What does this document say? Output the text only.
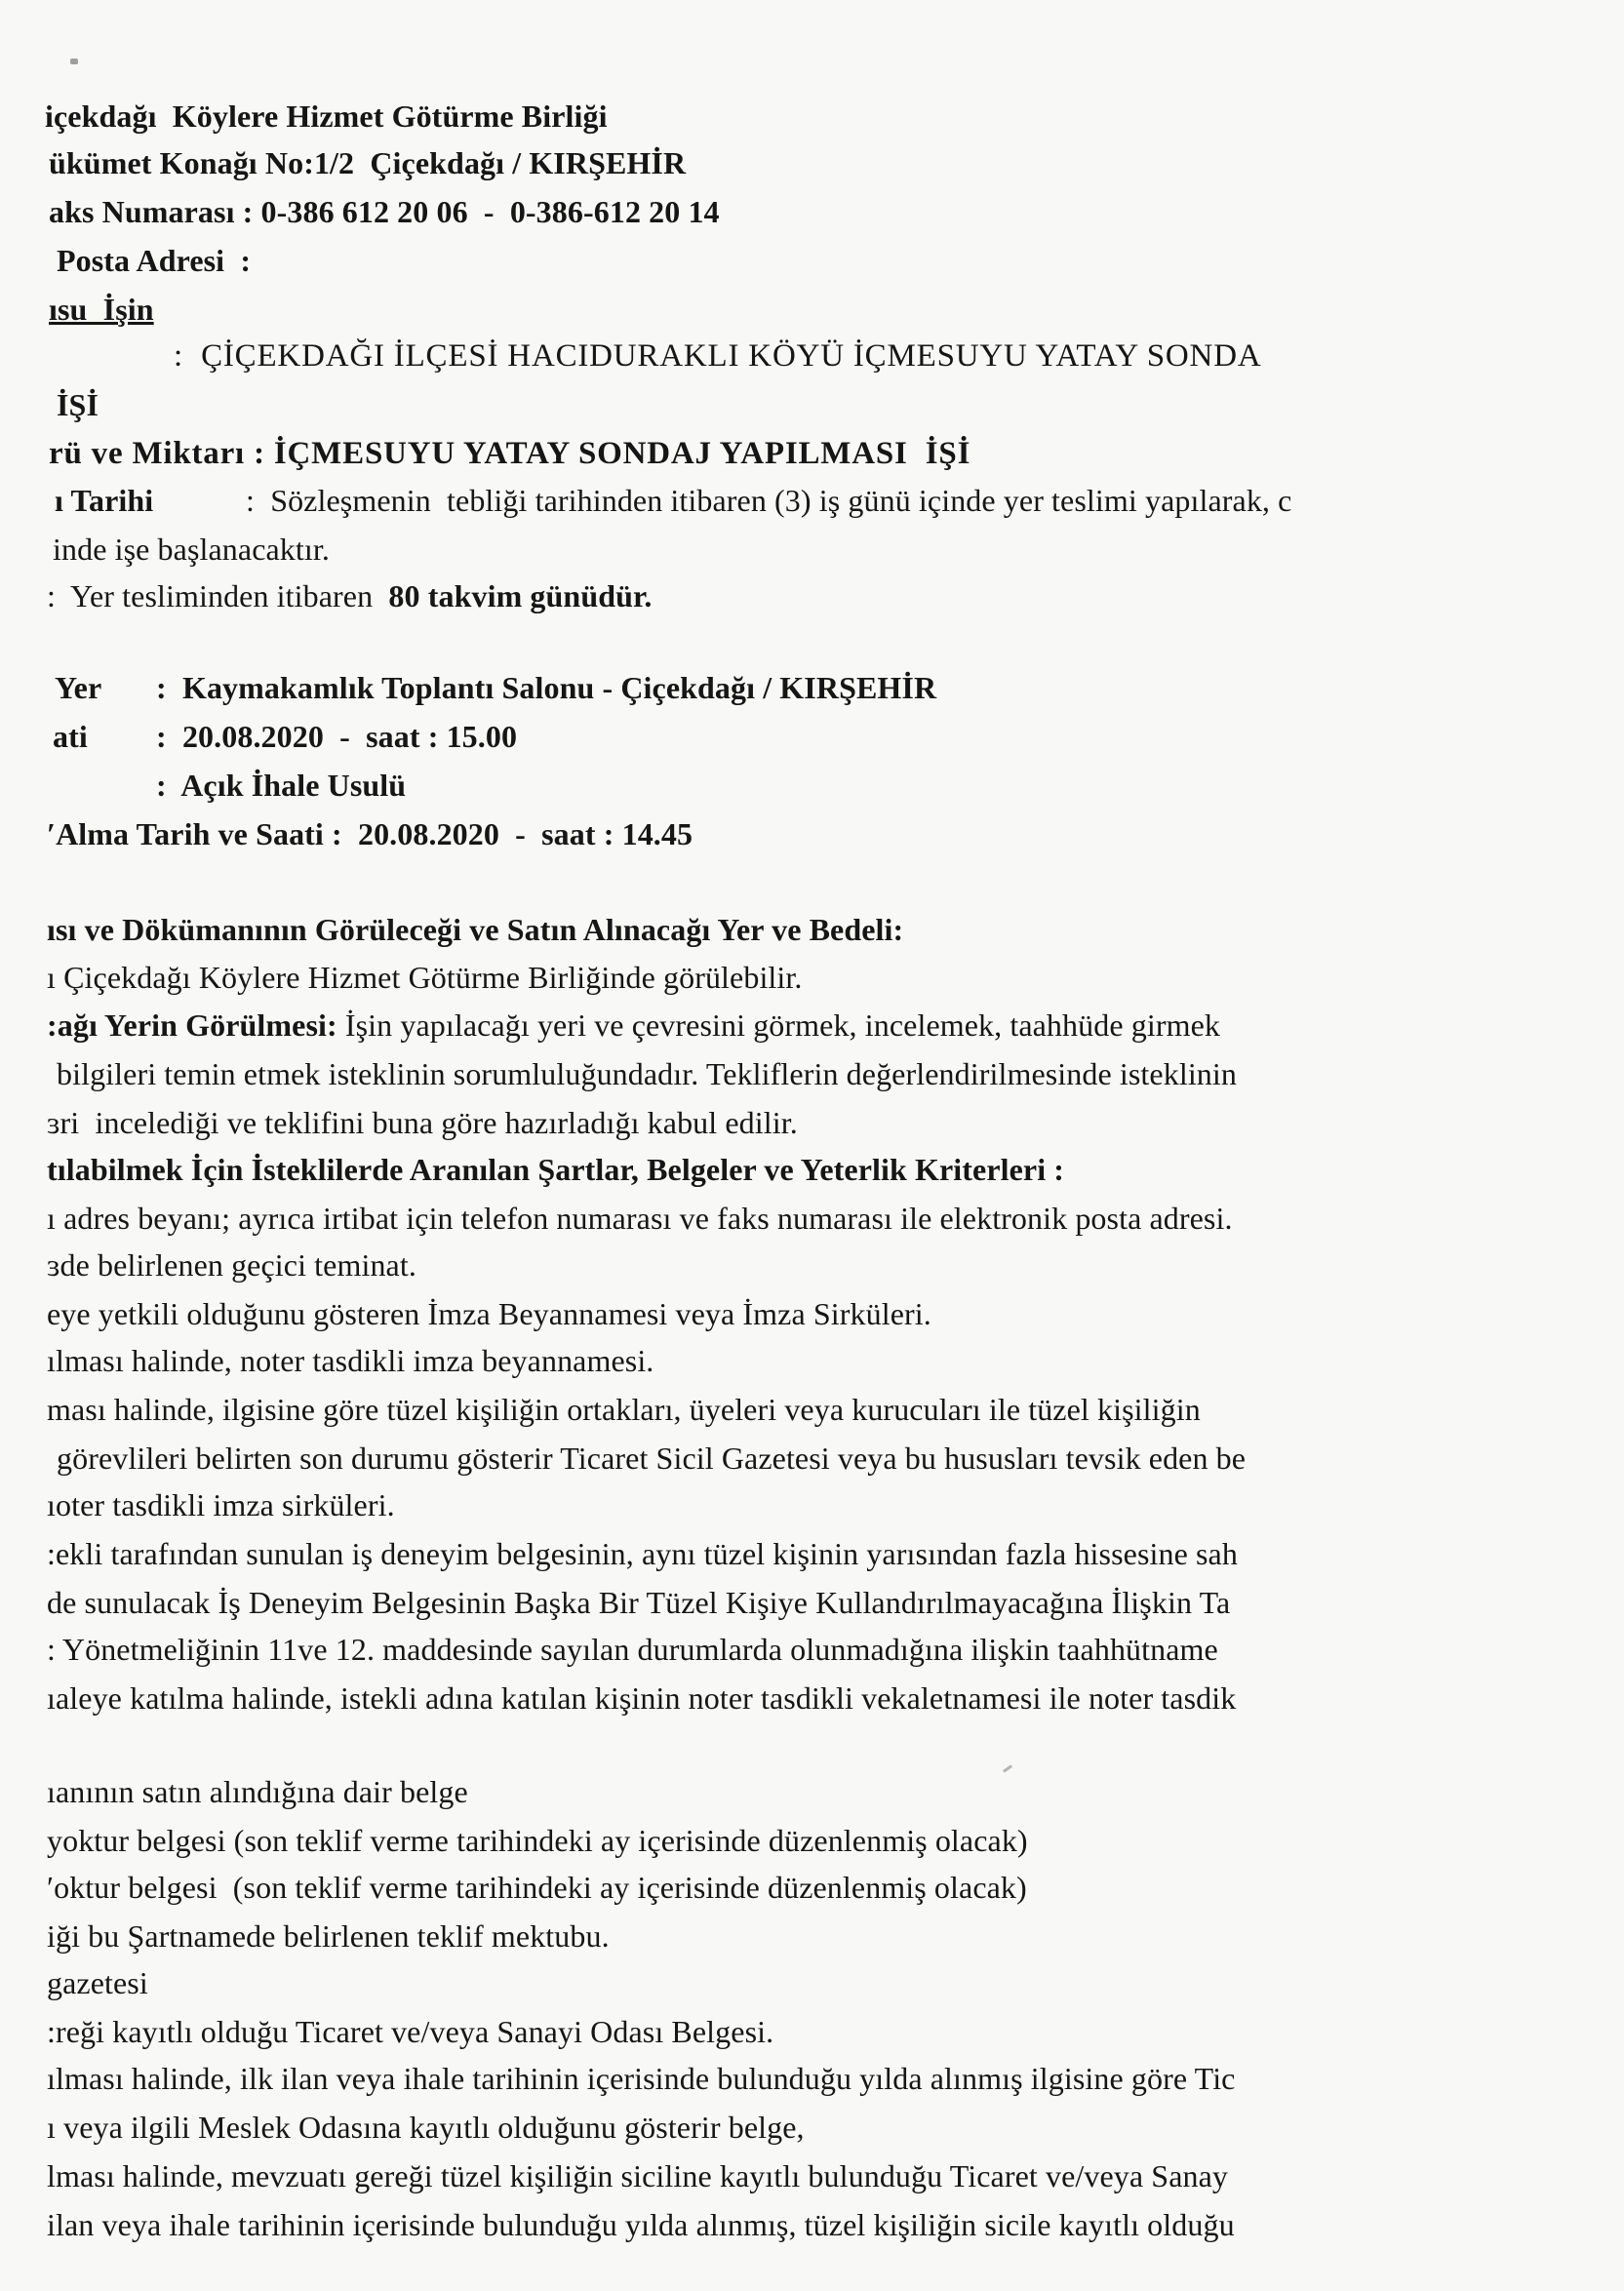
içekdağı  Köylere Hizmet Götürme Birliği
ükümet Konağı No:1/2  Çiçekdağı / KIRŞEHİR
aks Numarası : 0-386 612 20 06  -  0-386-612 20 14
Posta Adresi  :
ısu  İşin
:  ÇİÇEKDAĞI İLÇESİ HACIDURAKLI KÖYÜ İÇMESUYU YATAY SONDA
İŞİ
rü ve Miktarı : İÇMESUYU YATAY SONDAJ YAPILMASI  İŞİ
ı Tarihi	:  Sözleşmenin  tebliği tarihinden itibaren (3) iş günü içinde yer teslimi yapılarak, c
inde işe başlanacaktır.
:  Yer tesliminden itibaren  80 takvim günüdür.
Yer :  Kaymakamlık Toplantı Salonu - Çiçekdağı / KIRŞEHİR
ati :  20.08.2020  -  saat : 15.00
:  Açık İhale Usulü
ʹAlma Tarih ve Saati :  20.08.2020  -  saat : 14.45
ısı ve Dökümanının Görüleceği ve Satın Alınacağı Yer ve Bedeli:
ı Çiçekdağı Köylere Hizmet Götürme Birliğinde görülebilir.
:ağı Yerin Görülmesi: İşin yapılacağı yeri ve çevresini görmek, incelemek, taahhüde girmek
bilgileri temin etmek isteklinin sorumluluğundadır. Tekliflerin değerlendirilmesinde isteklinin
ɜri  incelediği ve teklifini buna göre hazırladığı kabul edilir.
tılabilmek İçin İsteklilerde Aranılan Şartlar, Belgeler ve Yeterlik Kriterleri :
ı adres beyanı; ayrıca irtibat için telefon numarası ve faks numarası ile elektronik posta adresi.
ɜde belirlenen geçici teminat.
eye yetkili olduğunu gösteren İmza Beyannamesi veya İmza Sirküleri.
ılması halinde, noter tasdikli imza beyannamesi.
ması halinde, ilgisine göre tüzel kişiliğin ortakları, üyeleri veya kurucuları ile tüzel kişiliğin
görevlileri belirten son durumu gösterir Ticaret Sicil Gazetesi veya bu hususları tevsik eden be
ıoter tasdikli imza sirküleri.
:ekli tarafından sunulan iş deneyim belgesinin, aynı tüzel kişinin yarısından fazla hissesine sah
de sunulacak İş Deneyim Belgesinin Başka Bir Tüzel Kişiye Kullandırılmayacağına İlişkin Ta
: Yönetmeliğinin 11ve 12. maddesinde sayılan durumlarda olunmadığına ilişkin taahhütname
ıaleye katılma halinde, istekli adına katılan kişinin noter tasdikli vekaletnamesi ile noter tasdik
ıanının satın alındığına dair belge
yoktur belgesi (son teklif verme tarihindeki ay içerisinde düzenlenmiş olacak)
ʹoktur belgesi  (son teklif verme tarihindeki ay içerisinde düzenlenmiş olacak)
iği bu Şartnamede belirlenen teklif mektubu.
gazetesi
:reği kayıtlı olduğu Ticaret ve/veya Sanayi Odası Belgesi.
ılması halinde, ilk ilan veya ihale tarihinin içerisinde bulunduğu yılda alınmış ilgisine göre Tic
ı veya ilgili Meslek Odasına kayıtlı olduğunu gösterir belge,
lması halinde, mevzuatı gereği tüzel kişiliğin siciline kayıtlı bulunduğu Ticaret ve/veya Sanay
ilan veya ihale tarihinin içerisinde bulunduğu yılda alınmış, tüzel kişiliğin sicile kayıtlı olduğu
